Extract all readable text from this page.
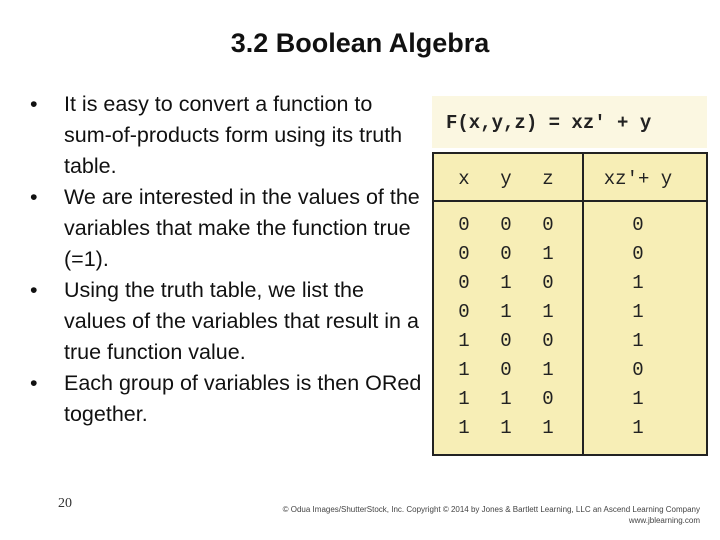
3.2 Boolean Algebra
• It is easy to convert a function to sum-of-products form using its truth table.
• We are interested in the values of the variables that make the function true (=1).
• Using the truth table, we list the values of the variables that result in a true function value.
• Each group of variables is then ORed together.
F(x,y,z) = xz' + y
x	y	z	xz'+ y
0	0	0	0
0	0	1	0
0	1	0	1
0	1	1	1
1	0	0	1
1	0	1	0
1	1	0	1
1	1	1	1
20	© Odua Images/ShutterStock, Inc. Copyright © 2014 by Jones & Bartlett Learning, LLC an Ascend Learning Company
www.jblearning.com
